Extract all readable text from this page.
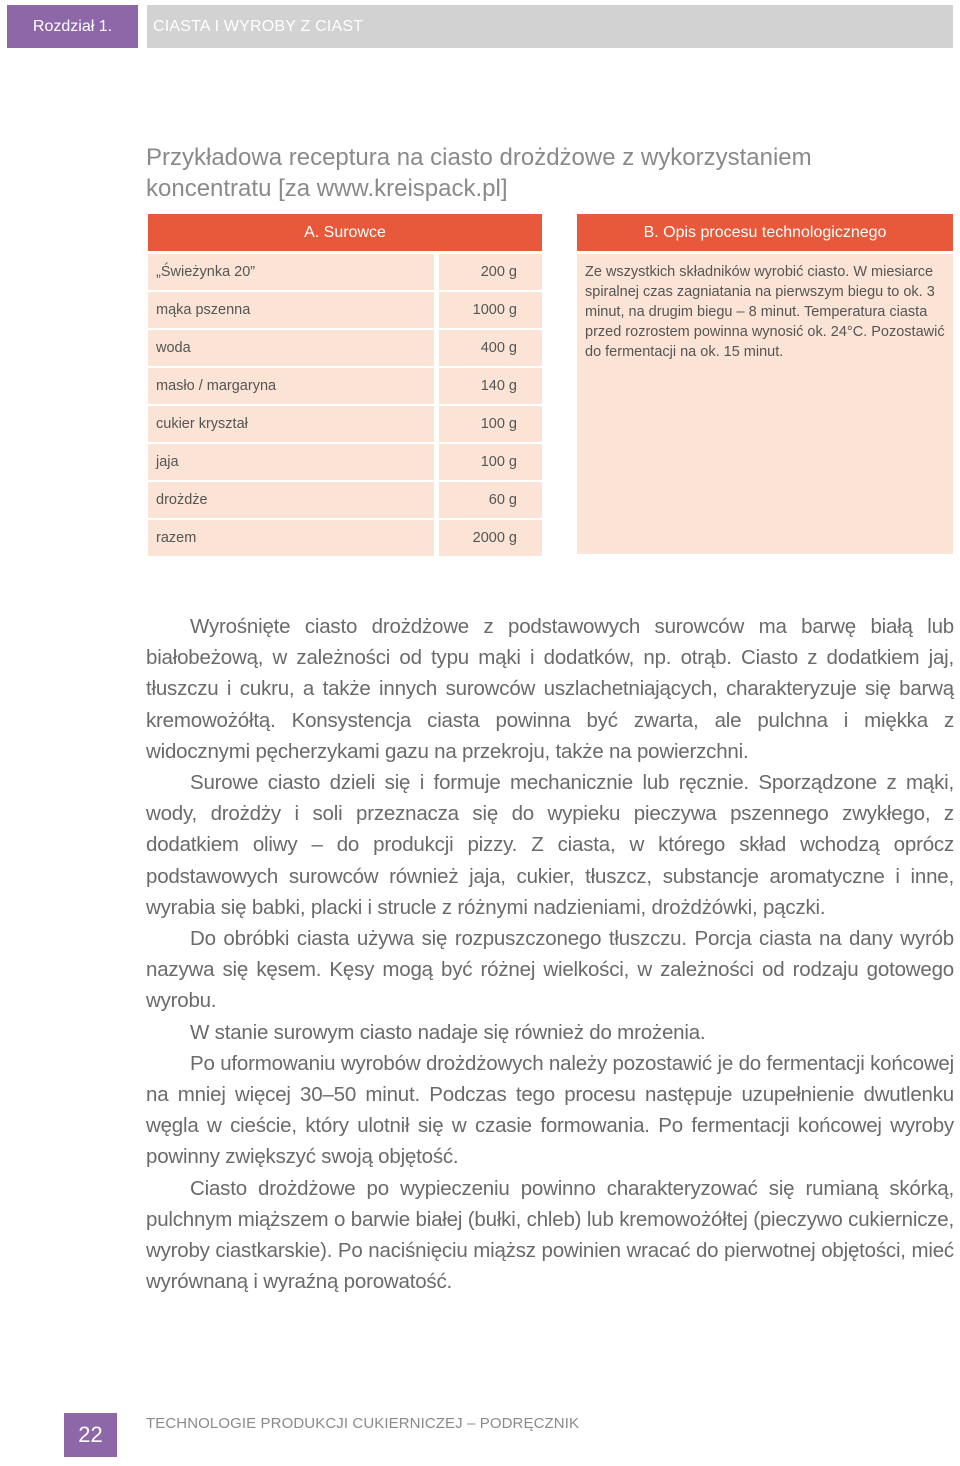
Rozdział 1.	CIASTA I WYROBY Z CIAST
Przykładowa receptura na ciasto drożdżowe z wykorzystaniem koncentratu [za www.kreispack.pl]
A. Surowce	B. Opis procesu technologicznego
„Świeżynka 20”	200 g
mąka pszenna	1000 g
woda	400 g
masło / margaryna	140 g
cukier kryształ	100 g
jaja	100 g
drożdże	60 g
razem	2000 g
Ze wszystkich składników wyrobić ciasto. W miesiarce spiralnej czas zagniatania na pierwszym biegu to ok. 3 minut, na drugim biegu – 8 minut. Temperatura ciasta przed rozrostem powinna wynosić ok. 24°C. Pozostawić do fermentacji na ok. 15 minut.

Wyrośnięte ciasto drożdżowe z podstawowych surowców ma barwę białą lub białobeżową, w zależności od typu mąki i dodatków, np. otrąb. Ciasto z dodatkiem jaj, tłuszczu i cukru, a także innych surowców uszlachetniających, charakteryzuje się barwą kremowożółtą. Konsystencja ciasta powinna być zwarta, ale pulchna i miękka z widocznymi pęcherzykami gazu na przekroju, także na powierzchni.

Surowe ciasto dzieli się i formuje mechanicznie lub ręcznie. Sporządzone z mąki, wody, drożdży i soli przeznacza się do wypieku pieczywa pszennego zwykłego, z dodatkiem oliwy – do produkcji pizzy. Z ciasta, w którego skład wchodzą oprócz podstawowych surowców również jaja, cukier, tłuszcz, substancje aromatyczne i inne, wyrabia się babki, placki i strucle z różnymi nadzieniami, drożdżówki, pączki.

Do obróbki ciasta używa się rozpuszczonego tłuszczu. Porcja ciasta na dany wyrób nazywa się kęsem. Kęsy mogą być różnej wielkości, w zależności od rodzaju gotowego wyrobu.

W stanie surowym ciasto nadaje się również do mrożenia.

Po uformowaniu wyrobów drożdżowych należy pozostawić je do fermentacji końcowej na mniej więcej 30–50 minut. Podczas tego procesu następuje uzupełnienie dwutlenku węgla w cieście, który ulotnił się w czasie formowania. Po fermentacji końcowej wyroby powinny zwiększyć swoją objętość.

Ciasto drożdżowe po wypieczeniu powinno charakteryzować się rumianą skórką, pulchnym miąższem o barwie białej (bułki, chleb) lub kremowożółtej (pieczywo cukiernicze, wyroby ciastkarskie). Po naciśnięciu miąższ powinien wracać do pierwotnej objętości, mieć wyrównaną i wyraźną porowatość.

22	TECHNOLOGIE PRODUKCJI CUKIERNICZEJ – PODRĘCZNIK
